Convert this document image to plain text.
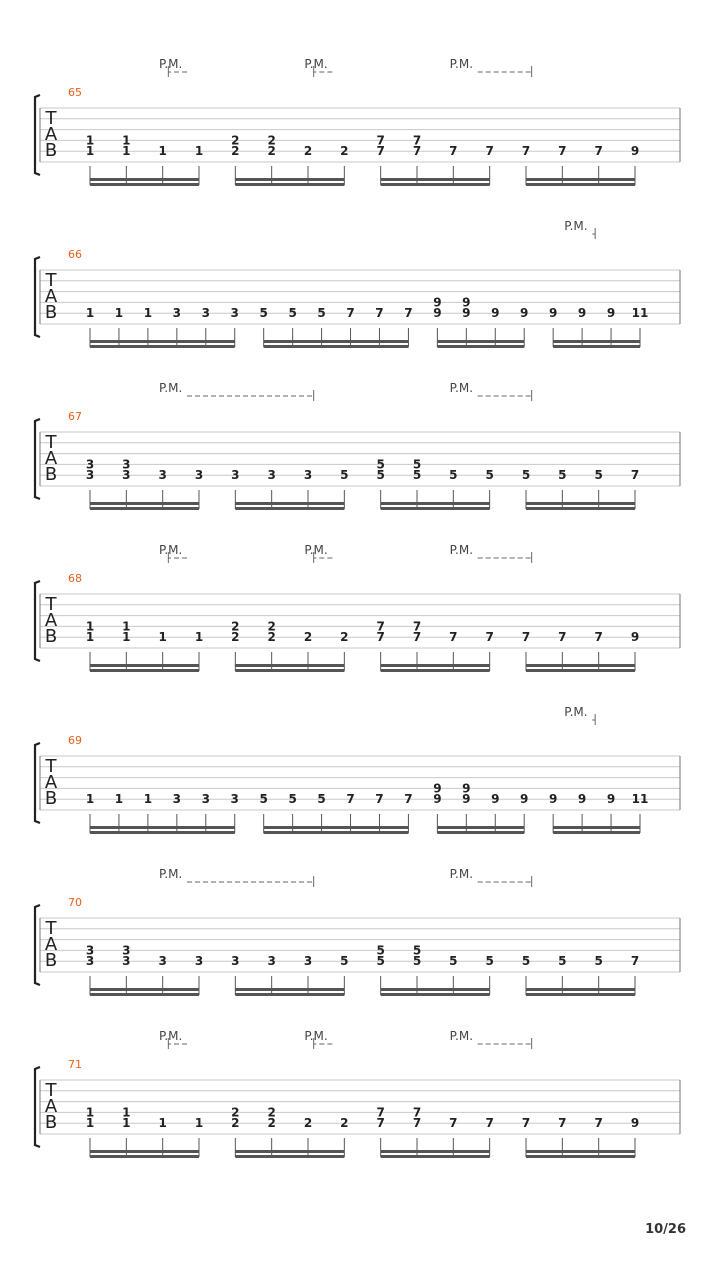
65
T
A
B 1
1
1
1 1 1
2
2
2
2 2 2
7
7
7
7 7 7 7 7 7 9
P.M.	P.M.	P.M.
66
T
A
B 1 1 1 3 3 3 5 5 5 7 7 7
9
9
9
9 9 9 9 9 9 11
P.M.
67
T
A
B 3
3
3
3 3 3 3 3 3 5
5
5
5
5 5 5 5 5 5 7
P.M.	P.M.
68
T
A
B 1
1
1
1 1 1
2
2
2
2 2 2
7
7
7
7 7 7 7 7 7 9
P.M.	P.M.	P.M.
69
T
A
B 1 1 1 3 3 3 5 5 5 7 7 7
9
9
9
9 9 9 9 9 9 11
P.M.
70
T
A
B 3
3
3
3 3 3 3 3 3 5
5
5
5
5 5 5 5 5 5 7
P.M.	P.M.
71
T
A
B 1
1
1
1 1 1
2
2
2
2 2 2
7
7
7
7 7 7 7 7 7 9
P.M.	P.M.	P.M.
10/26
